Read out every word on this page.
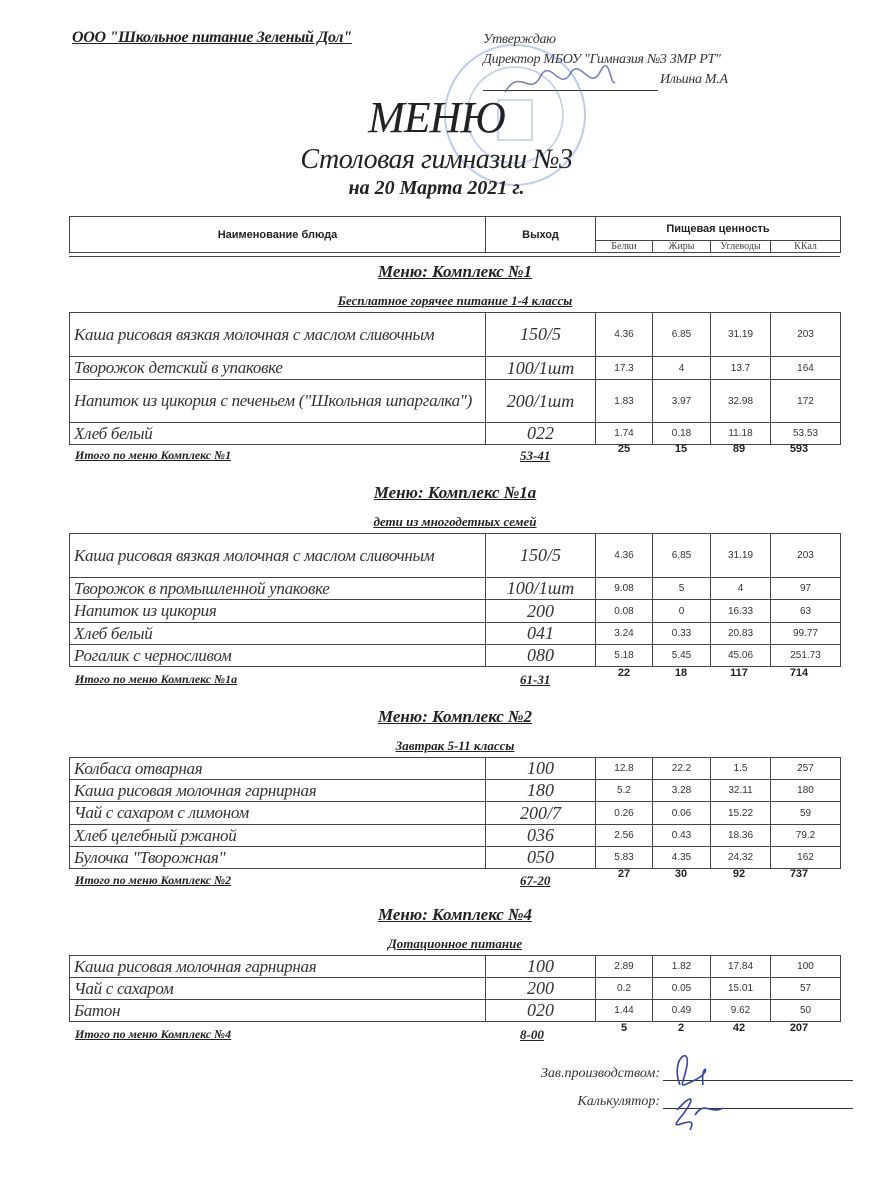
ООО "Школьное питание Зеленый Дол"	Утверждаю
Директор МБОУ "Гимназия №3 ЗМР РТ"
Ильина М.А
МЕНЮ
Столовая гимназии №3
на 20 Марта 2021 г.
Наименование блюда	Выход	Пищевая ценность			
		Белки	Жиры	Углеводы	ККал
Меню: Комплекс №1
Бесплатное горячее питание 1-4 классы
Каша рисовая вязкая молочная с маслом сливочным	150/5	4.36	6.85	31.19	203
Творожок детский в упаковке	100/1шт	17.3	4	13.7	164
Напиток из цикория с печеньем ("Школьная шпаргалка")	200/1шт	1.83	3.97	32.98	172
Хлеб белый	022	1.74	0.18	11.18	53.53
Итого по меню Комплекс №1	53-41	25	15	89	593
Меню: Комплекс №1а
дети из многодетных семей
Каша рисовая вязкая молочная с маслом сливочным	150/5	4.36	6.85	31.19	203
Творожок в промышленной упаковке	100/1шт	9.08	5	4	97
Напиток из цикория	200	0.08	0	16.33	63
Хлеб белый	041	3.24	0.33	20.83	99.77
Рогалик с черносливом	080	5.18	5.45	45.06	251.73
Итого по меню Комплекс №1а	61-31	22	18	117	714
Меню: Комплекс №2
Завтрак 5-11 классы
Колбаса отварная	100	12.8	22.2	1.5	257
Каша рисовая молочная гарнирная	180	5.2	3.28	32.11	180
Чай с сахаром с лимоном	200/7	0.26	0.06	15.22	59
Хлеб целебный ржаной	036	2.56	0.43	18.36	79.2
Булочка "Творожная"	050	5.83	4.35	24.32	162
Итого по меню Комплекс №2	67-20	27	30	92	737
Меню: Комплекс №4
Дотационное питание
Каша рисовая молочная гарнирная	100	2.89	1.82	17.84	100
Чай с сахаром	200	0.2	0.05	15.01	57
Батон	020	1.44	0.49	9.62	50
Итого по меню Комплекс №4	8-00	5	2	42	207
Зав.производством:
Калькулятор:
